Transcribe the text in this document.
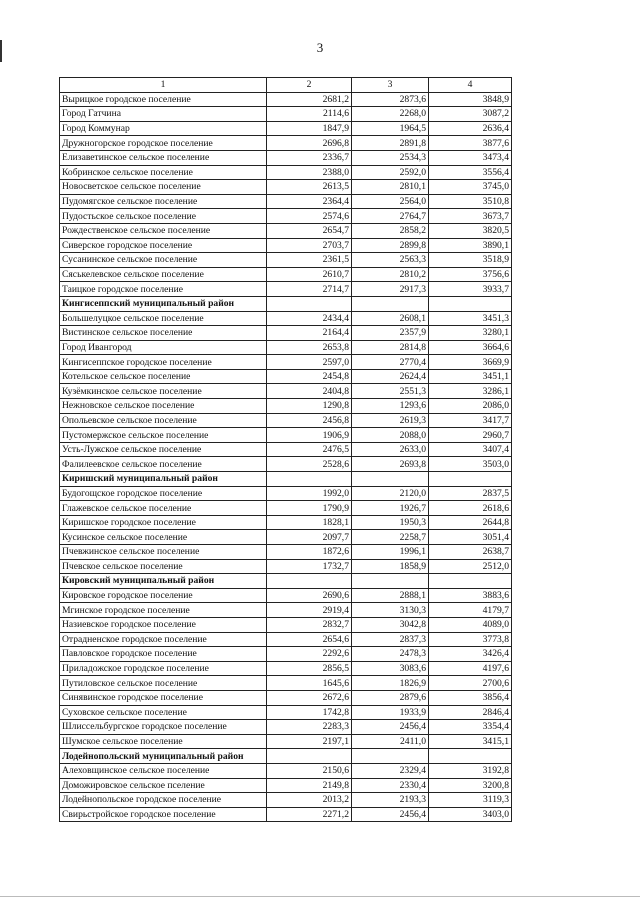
3
1	2	3	4
Вырицкое городское поселение	2681,2	2873,6	3848,9
Город Гатчина	2114,6	2268,0	3087,2
Город Коммунар	1847,9	1964,5	2636,4
Дружногорское городское поселение	2696,8	2891,8	3877,6
Елизаветинское сельское поселение	2336,7	2534,3	3473,4
Кобринское сельское поселение	2388,0	2592,0	3556,4
Новосветское сельское поселение	2613,5	2810,1	3745,0
Пудомягское сельское поселение	2364,4	2564,0	3510,8
Пудостьское сельское поселение	2574,6	2764,7	3673,7
Рождественское сельское поселение	2654,7	2858,2	3820,5
Сиверское городское поселение	2703,7	2899,8	3890,1
Сусанинское сельское поселение	2361,5	2563,3	3518,9
Сяськелевское сельское поселение	2610,7	2810,2	3756,6
Таицкое городское поселение	2714,7	2917,3	3933,7
Кингисеппский муниципальный район			
Большелуцкое сельское поселение	2434,4	2608,1	3451,3
Вистинское сельское поселение	2164,4	2357,9	3280,1
Город Ивангород	2653,8	2814,8	3664,6
Кингисеппское городское поселение	2597,0	2770,4	3669,9
Котельское сельское поселение	2454,8	2624,4	3451,1
Кузёмкинское сельское поселение	2404,8	2551,3	3286,1
Нежновское сельское поселение	1290,8	1293,6	2086,0
Опольевское сельское поселение	2456,8	2619,3	3417,7
Пустомержское сельское поселение	1906,9	2088,0	2960,7
Усть-Лужское сельское поселение	2476,5	2633,0	3407,4
Фалилеевское сельское поселение	2528,6	2693,8	3503,0
Киришский муниципальный район			
Будогощское городское поселение	1992,0	2120,0	2837,5
Глажевское сельское поселение	1790,9	1926,7	2618,6
Киришское городское поселение	1828,1	1950,3	2644,8
Кусинское сельское поселение	2097,7	2258,7	3051,4
Пчевжинское сельское поселение	1872,6	1996,1	2638,7
Пчевское сельское поселение	1732,7	1858,9	2512,0
Кировский муниципальный район			
Кировское городское поселение	2690,6	2888,1	3883,6
Мгинское городское поселение	2919,4	3130,3	4179,7
Назиевское городское поселение	2832,7	3042,8	4089,0
Отрадненское городское поселение	2654,6	2837,3	3773,8
Павловское городское поселение	2292,6	2478,3	3426,4
Приладожское городское поселение	2856,5	3083,6	4197,6
Путиловское сельское поселение	1645,6	1826,9	2700,6
Синявинское городское поселение	2672,6	2879,6	3856,4
Суховское сельское поселение	1742,8	1933,9	2846,4
Шлиссельбургское городское поселение	2283,3	2456,4	3354,4
Шумское сельское поселение	2197,1	2411,0	3415,1
Лодейнопольский муниципальный район			
Алеховщинское сельское поселение	2150,6	2329,4	3192,8
Доможировское сельское пселение	2149,8	2330,4	3200,8
Лодейнопольское городское поселение	2013,2	2193,3	3119,3
Свирьстройское городское поселение	2271,2	2456,4	3403,0
